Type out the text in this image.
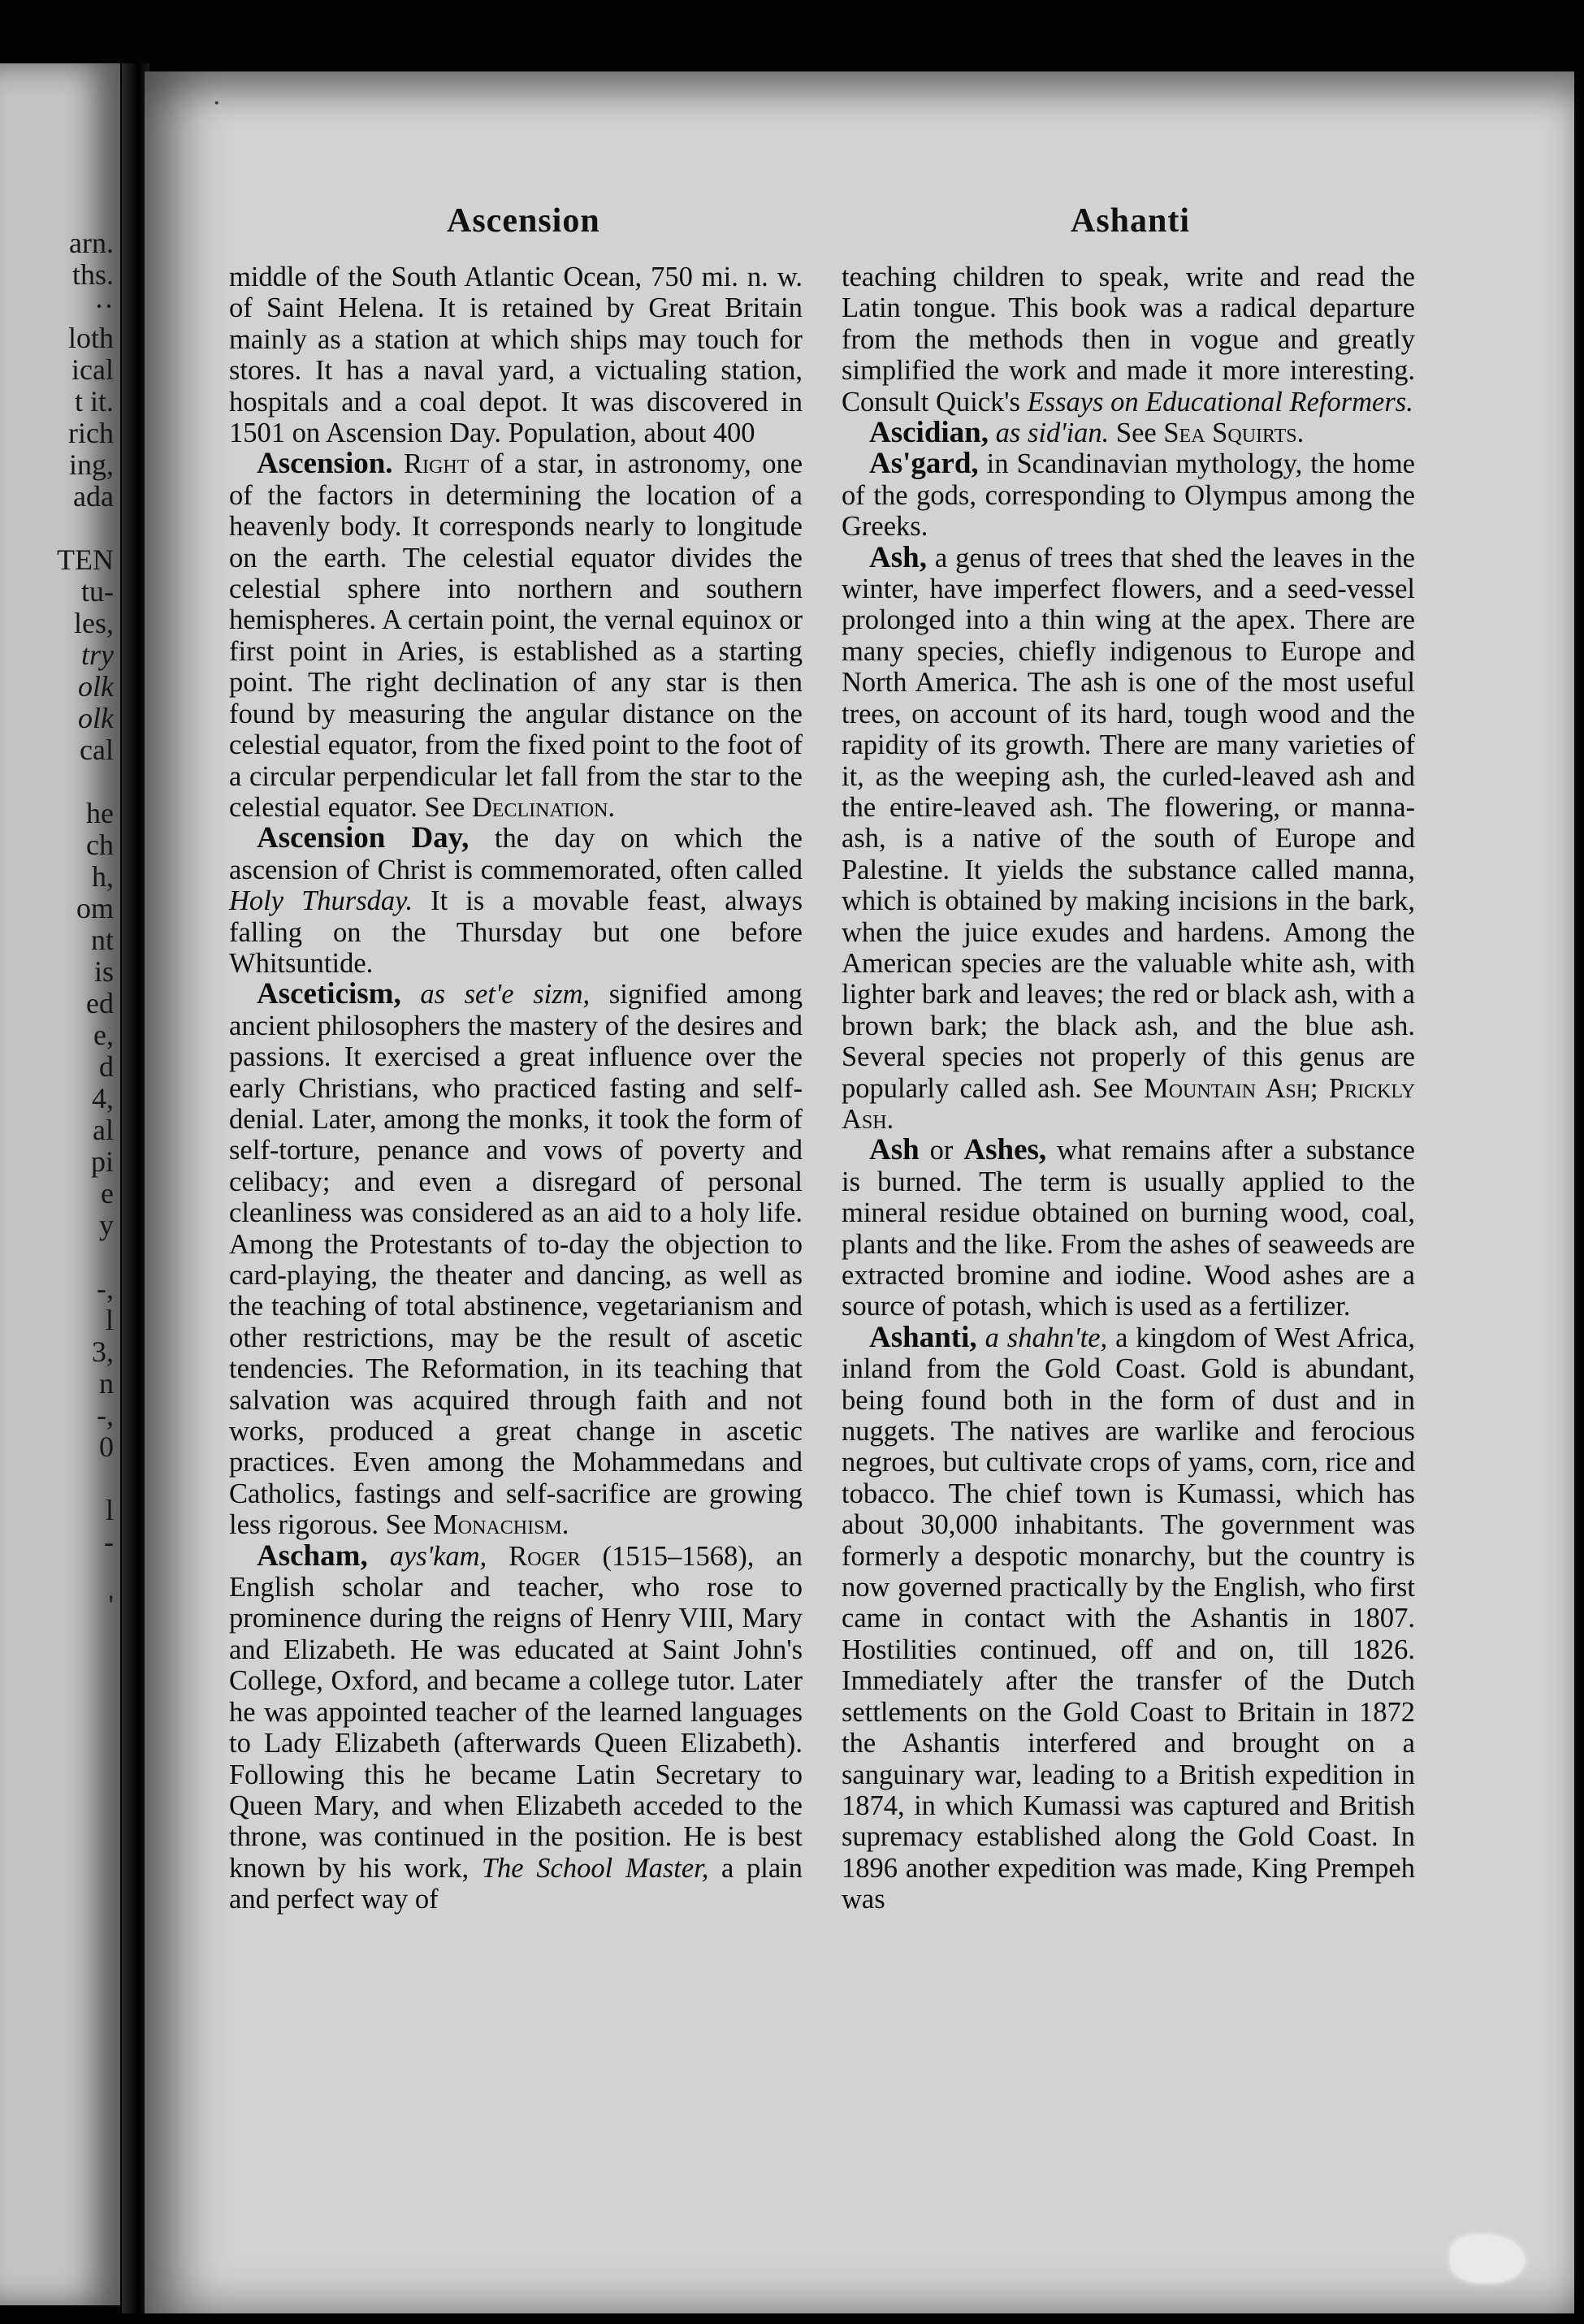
arn.
ths.
··
loth
ical
t it.
rich
ing,
ada
TEN
tu-
les,
try
olk
olk
cal
he
ch
h,
om
nt
is
ed
e,
d
4,
al
pi
e
y
-,
l
3,
n
-,
0
l
-
'
·
Ascension	Ashanti

middle of the South Atlantic Ocean, 750 mi. n. w. of Saint Helena. It is retained by Great Britain mainly as a station at which ships may touch for stores. It has a naval yard, a victualing station, hospitals and a coal depot. It was discovered in 1501 on Ascension Day. Population, about 400

Ascension. Right of a star, in astronomy, one of the factors in determining the location of a heavenly body. It corresponds nearly to longitude on the earth. The celestial equator divides the celestial sphere into northern and southern hemispheres. A certain point, the vernal equinox or first point in Aries, is established as a starting point. The right declination of any star is then found by measuring the angular distance on the celestial equator, from the fixed point to the foot of a circular perpendicular let fall from the star to the celestial equator. See Declination.

Ascension Day, the day on which the ascension of Christ is commemorated, often called Holy Thursday. It is a movable feast, always falling on the Thursday but one before Whitsuntide.

Asceticism, as set'e sizm, signified among ancient philosophers the mastery of the desires and passions. It exercised a great influence over the early Christians, who practiced fasting and self-denial. Later, among the monks, it took the form of self-torture, penance and vows of poverty and celibacy; and even a disregard of personal cleanliness was considered as an aid to a holy life. Among the Protestants of to-day the objection to card-playing, the theater and dancing, as well as the teaching of total abstinence, vegetarianism and other restrictions, may be the result of ascetic tendencies. The Reformation, in its teaching that salvation was acquired through faith and not works, produced a great change in ascetic practices. Even among the Mohammedans and Catholics, fastings and self-sacrifice are growing less rigorous. See Monachism.

Ascham, ays'kam, Roger (1515–1568), an English scholar and teacher, who rose to prominence during the reigns of Henry VIII, Mary and Elizabeth. He was educated at Saint John's College, Oxford, and became a college tutor. Later he was appointed teacher of the learned languages to Lady Elizabeth (afterwards Queen Elizabeth). Following this he became Latin Secretary to Queen Mary, and when Elizabeth acceded to the throne, was continued in the position. He is best known by his work, The School Master, a plain and perfect way of

teaching children to speak, write and read the Latin tongue. This book was a radical departure from the methods then in vogue and greatly simplified the work and made it more interesting. Consult Quick's Essays on Educational Reformers.

Ascidian, as sid'ian. See Sea Squirts.

As'gard, in Scandinavian mythology, the home of the gods, corresponding to Olympus among the Greeks.

Ash, a genus of trees that shed the leaves in the winter, have imperfect flowers, and a seed-vessel prolonged into a thin wing at the apex. There are many species, chiefly indigenous to Europe and North America. The ash is one of the most useful trees, on account of its hard, tough wood and the rapidity of its growth. There are many varieties of it, as the weeping ash, the curled-leaved ash and the entire-leaved ash. The flowering, or manna-ash, is a native of the south of Europe and Palestine. It yields the substance called manna, which is obtained by making incisions in the bark, when the juice exudes and hardens. Among the American species are the valuable white ash, with lighter bark and leaves; the red or black ash, with a brown bark; the black ash, and the blue ash. Several species not properly of this genus are popularly called ash. See Mountain Ash; Prickly Ash.

Ash or Ashes, what remains after a substance is burned. The term is usually applied to the mineral residue obtained on burning wood, coal, plants and the like. From the ashes of seaweeds are extracted bromine and iodine. Wood ashes are a source of potash, which is used as a fertilizer.

Ashanti, a shahn'te, a kingdom of West Africa, inland from the Gold Coast. Gold is abundant, being found both in the form of dust and in nuggets. The natives are warlike and ferocious negroes, but cultivate crops of yams, corn, rice and tobacco. The chief town is Kumassi, which has about 30,000 inhabitants. The government was formerly a despotic monarchy, but the country is now governed practically by the English, who first came in contact with the Ashantis in 1807. Hostilities continued, off and on, till 1826. Immediately after the transfer of the Dutch settlements on the Gold Coast to Britain in 1872 the Ashantis interfered and brought on a sanguinary war, leading to a British expedition in 1874, in which Kumassi was captured and British supremacy established along the Gold Coast. In 1896 another expedition was made, King Prempeh was
